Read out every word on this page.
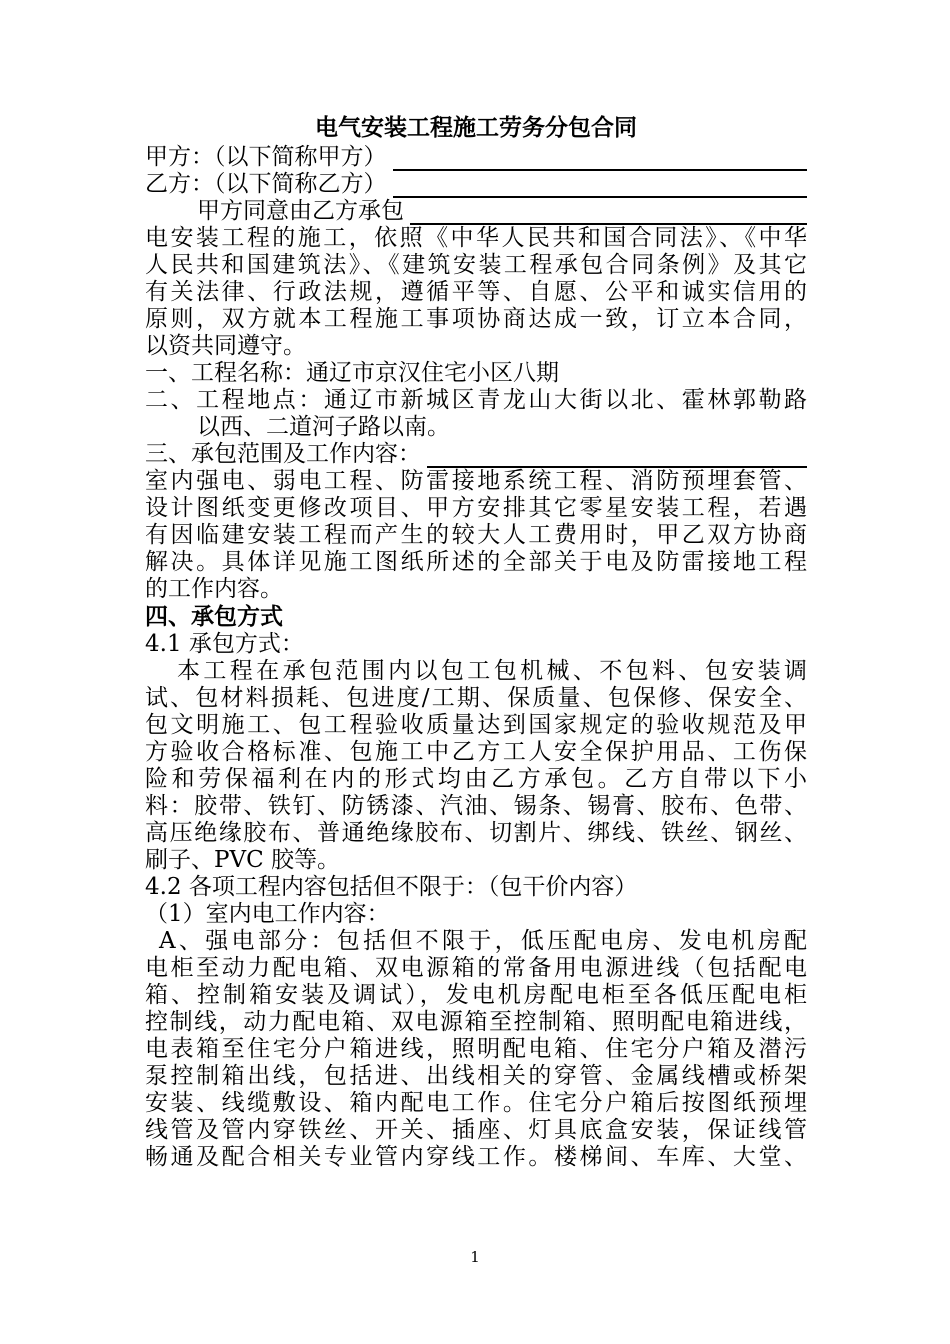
电气安装工程施工劳务分包合同
甲方：（以下简称甲方）
乙方：（以下简称乙方）
甲方同意由乙方承包
电安装工程的施工，依照《中华人民共和国合同法》、《中华
人民共和国建筑法》、《建筑安装工程承包合同条例》及其它
有关法律、行政法规，遵循平等、自愿、公平和诚实信用的
原则，双方就本工程施工事项协商达成一致，订立本合同，
以资共同遵守。
一、工程名称：通辽市京汉住宅小区八期
二、工程地点：通辽市新城区青龙山大街以北、霍林郭勒路
以西、二道河子路以南。
三、承包范围及工作内容：
室内强电、弱电工程、防雷接地系统工程、消防预埋套管、
设计图纸变更修改项目、甲方安排其它零星安装工程，若遇
有因临建安装工程而产生的较大人工费用时，甲乙双方协商
解决。具体详见施工图纸所述的全部关于电及防雷接地工程
的工作内容。
四、承包方式
4.1 承包方式：
本工程在承包范围内以包工包机械、不包料、包安装调
试、包材料损耗、包进度/工期、保质量、包保修、保安全、
包文明施工、包工程验收质量达到国家规定的验收规范及甲
方验收合格标准、包施工中乙方工人安全保护用品、工伤保
险和劳保福利在内的形式均由乙方承包。乙方自带以下小
料：胶带、铁钉、防锈漆、汽油、锡条、锡膏、胶布、色带、
高压绝缘胶布、普通绝缘胶布、切割片、绑线、铁丝、钢丝、
刷子、PVC 胶等。
4.2 各项工程内容包括但不限于：（包干价内容）
（1）室内电工作内容：
A、强电部分：包括但不限于，低压配电房、发电机房配
电柜至动力配电箱、双电源箱的常备用电源进线（包括配电
箱、控制箱安装及调试），发电机房配电柜至各低压配电柜
控制线，动力配电箱、双电源箱至控制箱、照明配电箱进线，
电表箱至住宅分户箱进线，照明配电箱、住宅分户箱及潜污
泵控制箱出线，包括进、出线相关的穿管、金属线槽或桥架
安装、线缆敷设、箱内配电工作。住宅分户箱后按图纸预埋
线管及管内穿铁丝、开关、插座、灯具底盒安装，保证线管
畅通及配合相关专业管内穿线工作。楼梯间、车库、大堂、
1
